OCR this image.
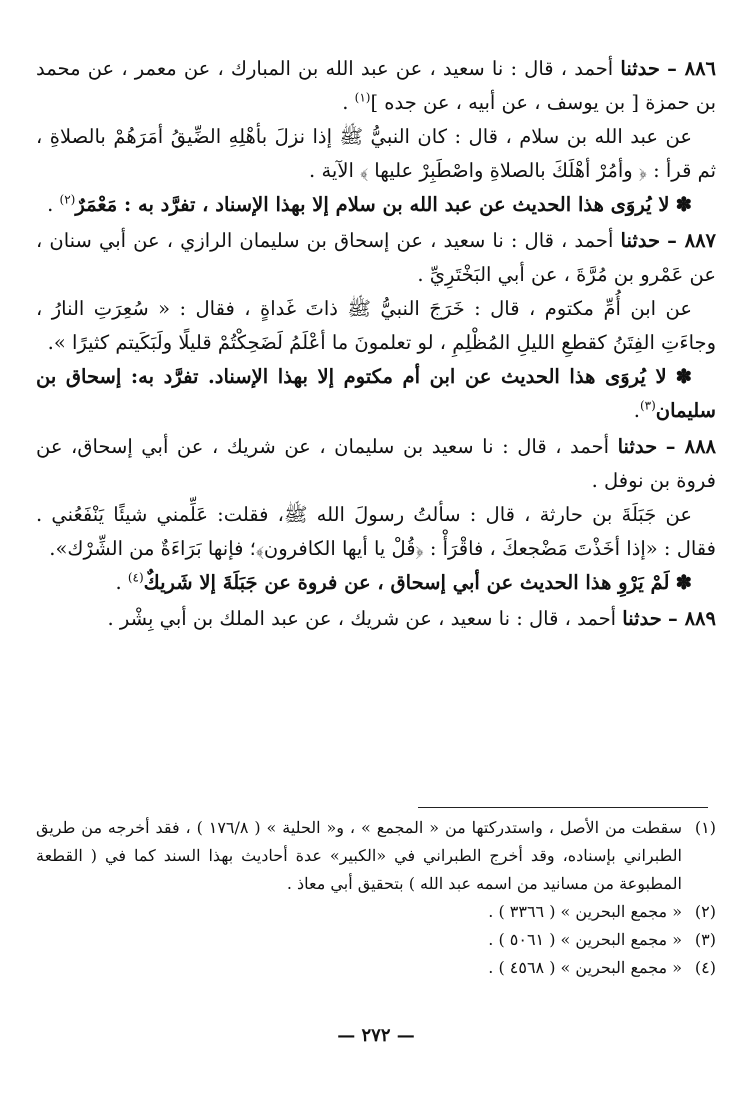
٨٨٦ – حدثنا أحمد ، قال : نا سعيد ، عن عبد الله بن المبارك ، عن معمر ، عن محمد بن حمزة [ بن يوسف ، عن أبيه ، عن جده ]$^{(١)}$ .

عن عبد الله بن سلام ، قال : كان النبيُّ ﷺ إذا نزلَ بأهْلِهِ الضِّيقُ أمَرَهُمْ بالصلاةِ ، ثم قرأ : ﴿ وأمُرْ أهْلَكَ بالصلاةِ واصْطَبِرْ عليها ﴾ الآية .

✽ لا يُروَى هذا الحديث عن عبد الله بن سلام إلا بهذا الإسناد ، تفرَّد به : مَعْمَرٌ$^{(٢)}$ .

٨٨٧ – حدثنا أحمد ، قال : نا سعيد ، عن إسحاق بن سليمان الرازي ، عن أبي سنان ، عن عَمْرو بن مُرَّةَ ، عن أبي البَخْتَرِيِّ .

عن ابن أُمِّ مكتوم ، قال : خَرَجَ النبيُّ ﷺ ذاتَ غَداةٍ ، فقال : « سُعِرَتِ النارُ ، وجاءَتِ الفِتَنُ كقطعِ الليلِ المُظْلِمِ ، لو تعلمونَ ما أعْلَمُ لَضَحِكْتُمْ قليلًا ولَبَكَيتم كثيرًا ».

✽ لا يُروَى هذا الحديث عن ابن أم مكتوم إلا بهذا الإسناد. تفرَّد به: إسحاق بن سليمان$^{(٣)}$.

٨٨٨ – حدثنا أحمد ، قال : نا سعيد بن سليمان ، عن شريك ، عن أبي إسحاق، عن فروة بن نوفل .

عن جَبَلَةَ بن حارثة ، قال : سألتُ رسولَ الله ﷺ، فقلت: عَلِّمني شيئًا يَنْفَعُني . فقال : «إذا أخَذْتَ مَضْجعكَ ، فاقْرَأْ : ﴿قُلْ يا أيها الكافرون﴾؛ فإنها بَرَاءَةٌ من الشِّرْك».

✽ لَمْ يَرْوِ هذا الحديث عن أبي إسحاق ، عن فروة عن جَبَلَةَ إلا شَريكٌ$^{(٤)}$ .

٨٨٩ – حدثنا أحمد ، قال : نا سعيد ، عن شريك ، عن عبد الملك بن أبي بِشْر .

(١)
سقطت من الأصل ، واستدركتها من « المجمع » ، و« الحلية » ( ١٧٦/٨ ) ، فقد أخرجه من طريق الطبراني بإسناده، وقد أخرج الطبراني في «الكبير» عدة أحاديث بهذا السند كما في ( القطعة المطبوعة من مسانيد من اسمه عبد الله ) بتحقيق أبي معاذ .
(٢)
« مجمع البحرين » ( ٣٣٦٦ ) .
(٣)
« مجمع البحرين » ( ٥٠٦١ ) .
(٤)
« مجمع البحرين » ( ٤٥٦٨ ) .
— ٢٧٢ —
